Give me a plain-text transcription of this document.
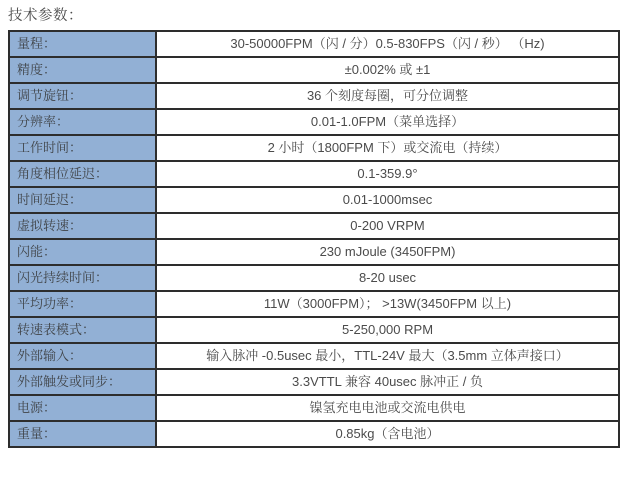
技术参数：
量程：	30-50000FPM（闪 / 分）0.5-830FPS（闪 / 秒） （Hz)
精度：	±0.002% 或 ±1
调节旋钮：	36 个刻度每圈，可分位调整
分辨率：	0.01-1.0FPM（菜单选择）
工作时间：	2 小时（1800FPM 下）或交流电（持续）
角度相位延迟：	0.1-359.9°
时间延迟：	0.01-1000msec
虚拟转速：	0-200 VRPM
闪能：	230 mJoule (3450FPM)
闪光持续时间：	8-20 usec
平均功率：	11W（3000FPM）； >13W(3450FPM 以上)
转速表模式：	5-250,000 RPM
外部输入：	输入脉冲 -0.5usec 最小，TTL-24V 最大（3.5mm 立体声接口）
外部触发或同步：	3.3VTTL 兼容 40usec 脉冲正 / 负
电源：	镍氢充电电池或交流电供电
重量：	0.85kg（含电池）
